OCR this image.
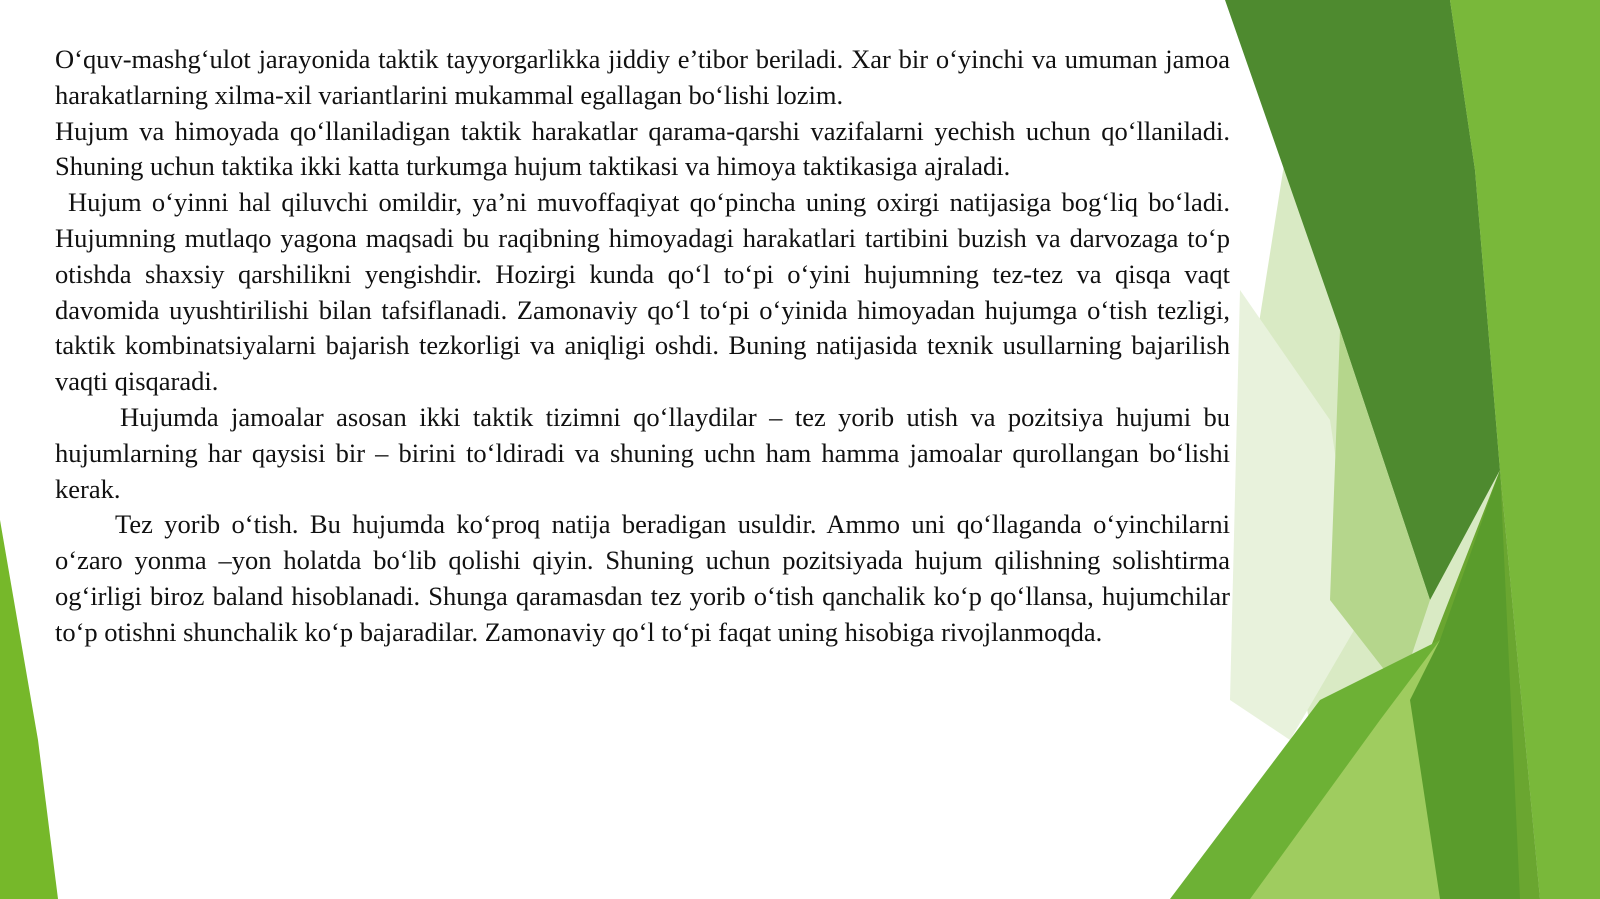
O‘quv-mashg‘ulot jarayonida taktik tayyorgarlikka jiddiy e’tibor beriladi. Xar bir o‘yinchi va umuman jamoa harakatlarning xilma-xil variantlarini mukammal egallagan bo‘lishi lozim.

Hujum va himoyada qo‘llaniladigan taktik harakatlar qarama-qarshi vazifalarni yechish uchun qo‘llaniladi. Shuning uchun taktika ikki katta turkumga hujum taktikasi va himoya taktikasiga ajraladi.

Hujum o‘yinni hal qiluvchi omildir, ya’ni muvoffaqiyat qo‘pincha uning oxirgi natijasiga bog‘liq bo‘ladi. Hujumning mutlaqo yagona maqsadi bu raqibning himoyadagi harakatlari tartibini buzish va darvozaga to‘p otishda shaxsiy qarshilikni yengishdir. Hozirgi kunda qo‘l to‘pi o‘yini hujumning tez-tez va qisqa vaqt davomida uyushtirilishi bilan tafsiflanadi. Zamonaviy qo‘l to‘pi o‘yinida himoyadan hujumga o‘tish tezligi, taktik kombinatsiyalarni bajarish tezkorligi va aniqligi oshdi. Buning natijasida texnik usullarning bajarilish vaqti qisqaradi.

Hujumda jamoalar asosan ikki taktik tizimni qo‘llaydilar – tez yorib utish va pozitsiya hujumi bu hujumlarning har qaysisi bir – birini to‘ldiradi va shuning uchn ham hamma jamoalar qurollangan bo‘lishi kerak.

Tez yorib o‘tish. Bu hujumda ko‘proq natija beradigan usuldir. Ammo uni qo‘llaganda o‘yinchilarni o‘zaro yonma –yon holatda bo‘lib qolishi qiyin. Shuning uchun pozitsiyada hujum qilishning solishtirma og‘irligi biroz baland hisoblanadi. Shunga qaramasdan tez yorib o‘tish qanchalik ko‘p qo‘llansa, hujumchilar to‘p otishni shunchalik ko‘p bajaradilar. Zamonaviy qo‘l to‘pi faqat uning hisobiga rivojlanmoqda.
